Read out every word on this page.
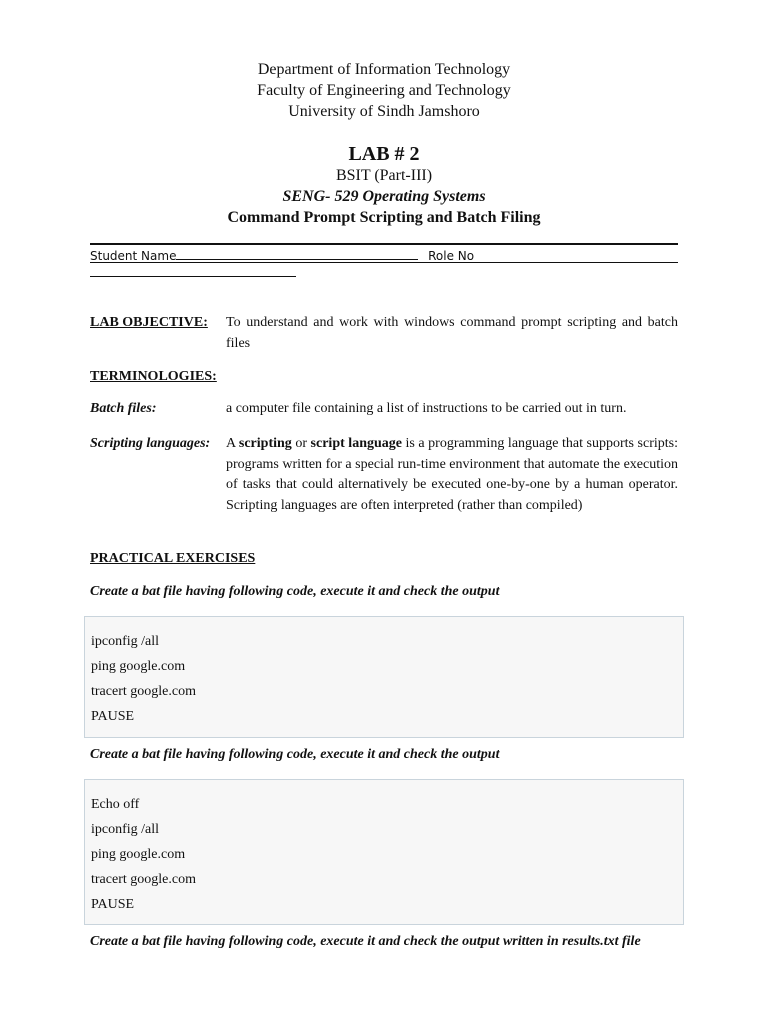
Department of Information Technology
Faculty of Engineering and Technology
University of Sindh Jamshoro
LAB # 2
BSIT (Part-III)
SENG- 529 Operating Systems
Command Prompt Scripting and Batch Filing
Student Name	Role No
LAB OBJECTIVE: To understand and work with windows command prompt scripting and batch files
TERMINOLOGIES:
Batch files:	a computer file containing a list of instructions to be carried out in turn.
Scripting languages: A scripting or script language is a programming language that supports scripts: programs written for a special run-time environment that automate the execution of tasks that could alternatively be executed one-by-one by a human operator. Scripting languages are often interpreted (rather than compiled)
PRACTICAL EXERCISES
Create a bat file having following code, execute it and check the output
ipconfig /all
ping google.com
tracert google.com
PAUSE
Create a bat file having following code, execute it and check the output
Echo off
ipconfig /all
ping google.com
tracert google.com
PAUSE
Create a bat file having following code, execute it and check the output written in results.txt file
